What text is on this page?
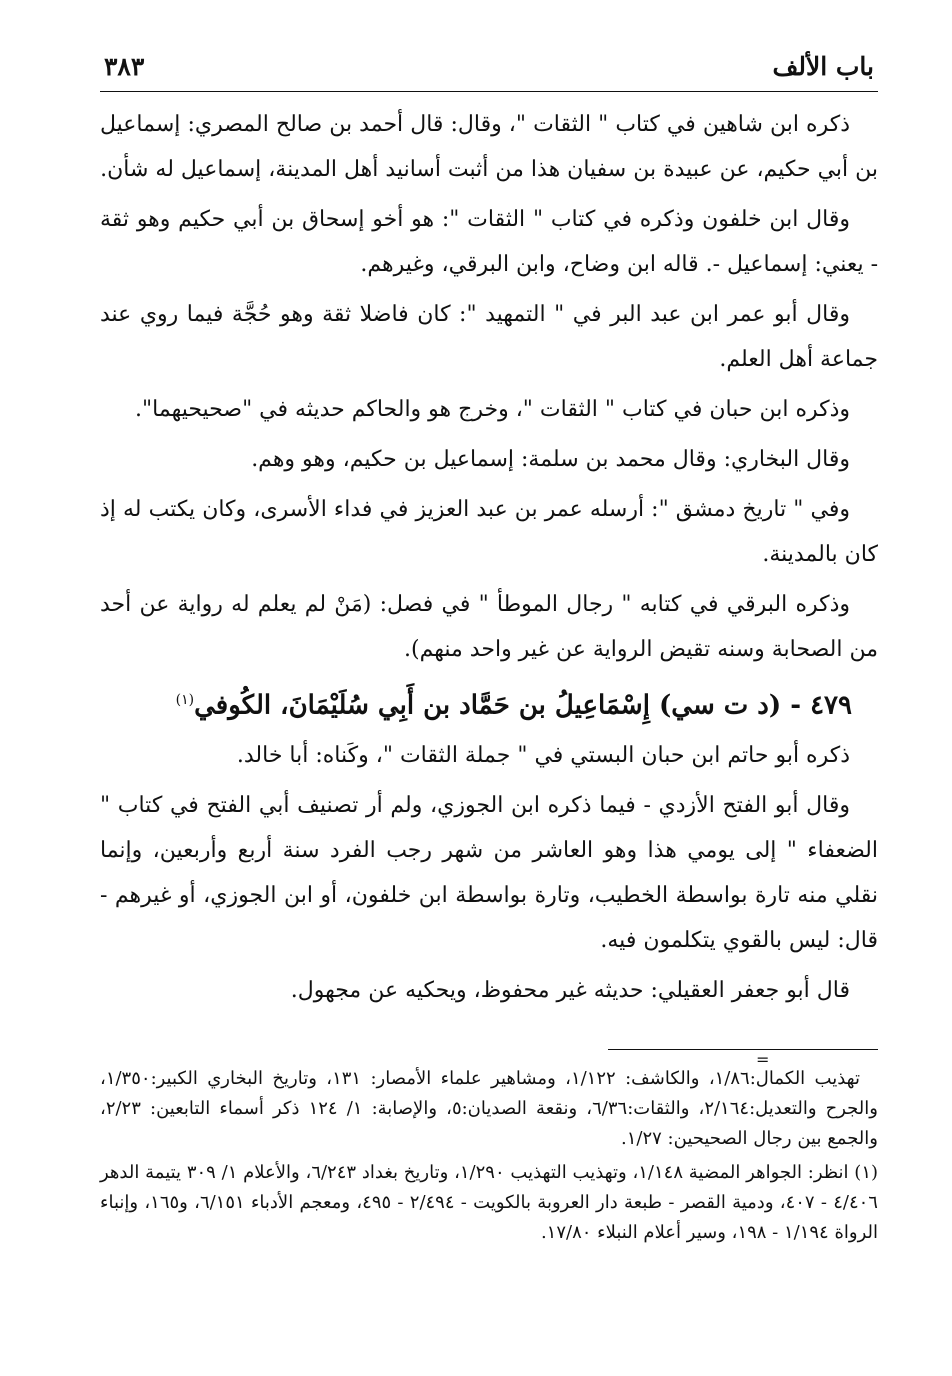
باب الألف
٣٨٣

ذكره ابن شاهين في كتاب " الثقات "، وقال: قال أحمد بن صالح المصري: إسماعيل بن أبي حكيم، عن عبيدة بن سفيان هذا من أثبت أسانيد أهل المدينة، إسماعيل له شأن.

وقال ابن خلفون وذكره في كتاب " الثقات ": هو أخو إسحاق بن أبي حكيم وهو ثقة - يعني: إسماعيل -. قاله ابن وضاح، وابن البرقي، وغيرهم.

وقال أبو عمر ابن عبد البر في " التمهيد ": كان فاضلا ثقة وهو حُجَّة فيما روي عند جماعة أهل العلم.

وذكره ابن حبان في كتاب " الثقات "، وخرج هو والحاكم حديثه في "صحيحيهما".

وقال البخاري: وقال محمد بن سلمة: إسماعيل بن حكيم، وهو وهم.

وفي " تاريخ دمشق ": أرسله عمر بن عبد العزيز في فداء الأسرى، وكان يكتب له إذ كان بالمدينة.

وذكره البرقي في كتابه " رجال الموطأ " في فصل: (مَنْ لم يعلم له رواية عن أحد من الصحابة وسنه تقيض الرواية عن غير واحد منهم).

٤٧٩ - (د ت سي) إِسْمَاعِيلُ بن حَمَّاد بن أَبِي سُلَيْمَانَ، الكُوفي$^{(١)}$

ذكره أبو حاتم ابن حبان البستي في " جملة الثقات "، وكَناه: أبا خالد.

وقال أبو الفتح الأزدي - فيما ذكره ابن الجوزي، ولم أر تصنيف أبي الفتح في كتاب " الضعفاء " إلى يومي هذا وهو العاشر من شهر رجب الفرد سنة أربع وأربعين، وإنما نقلي منه تارة بواسطة الخطيب، وتارة بواسطة ابن خلفون، أو ابن الجوزي، أو غيرهم - قال: ليس بالقوي يتكلمون فيه.

قال أبو جعفر العقيلي: حديثه غير محفوظ، ويحكيه عن مجهول.

تهذيب الكمال:١/٨٦، والكاشف: ١/١٢٢، ومشاهير علماء الأمصار: ١٣١، وتاريخ البخاري الكبير:١/٣٥٠، والجرح والتعديل:٢/١٦٤، والثقات:٦/٣٦، ونقعة الصديان:٥، والإصابة: ١/ ١٢٤ ذكر أسماء التابعين: ٢/٢٣، والجمع بين رجال الصحيحين: ١/٢٧.

(١) انظر: الجواهر المضية ١/١٤٨، وتهذيب التهذيب ١/٢٩٠، وتاريخ بغداد ٦/٢٤٣، والأعلام ١/ ٣٠٩ يتيمة الدهر ٤/٤٠٦ - ٤٠٧، ودمية القصر - طبعة دار العروبة بالكويت - ٢/٤٩٤ - ٤٩٥، ومعجم الأدباء ٦/١٥١، و١٦٥، وإنباء الرواة ١/١٩٤ - ١٩٨، وسير أعلام النبلاء ١٧/٨٠.

=
